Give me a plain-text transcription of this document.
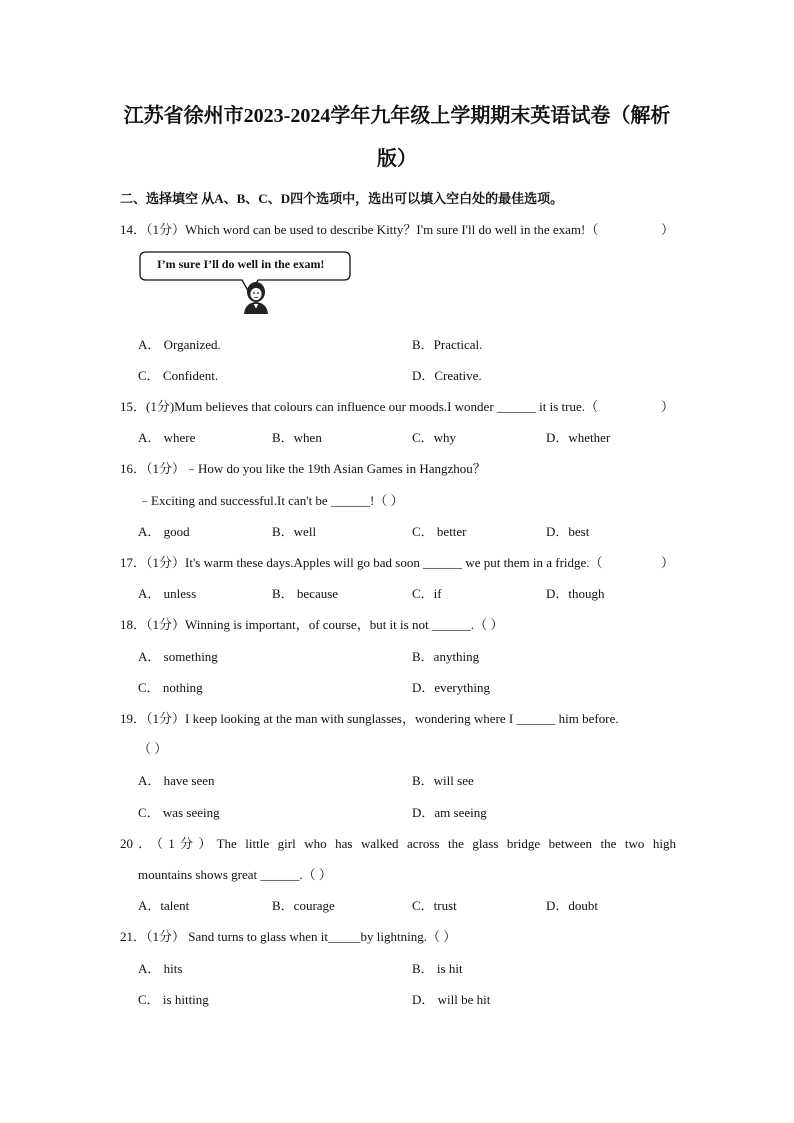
江苏省徐州市2023-2024学年九年级上学期期末英语试卷（解析
版）
二、选择填空 从A、B、C、D四个选项中，选出可以填入空白处的最佳选项。
14．（1分）Which word can be used to describe Kitty？I'm sure I'll do well in the exam!（	）
I’m sure I’ll do well in the exam!
A． Organized.	B．Practical.
C． Confident.	D．Creative.
15．(1分)Mum believes that colours can influence our moods.I wonder ______ it is true.（	）
A． where	B．when	C．why	D．whether
16．（1分）﹣How do you like the 19th Asian Games in Hangzhou？
﹣Exciting and successful.It can't be ______!（ ）
A． good	B．well	C． better	D．best
17．（1分）It's warm these days.Apples will go bad soon ______ we put them in a fridge.（	）
A． unless	B． because	C．if	D．though
18．（1分）Winning is important，of course，but it is not ______.（ ）
A． something	B．anything
C． nothing	D．everything
19．（1分）I keep looking at the man with sunglasses，wondering where I ______ him before.
（ ）
A． have seen	B．will see
C． was seeing	D．am seeing
20．（1分）The little girl who has walked across the glass bridge between the two high
mountains shows great ______.（ ）
A．talent	B．courage	C．trust	D．doubt
21．（1分） Sand turns to glass when it_____by lightning.（ ）
A． hits	B． is hit
C． is hitting	D． will be hit
